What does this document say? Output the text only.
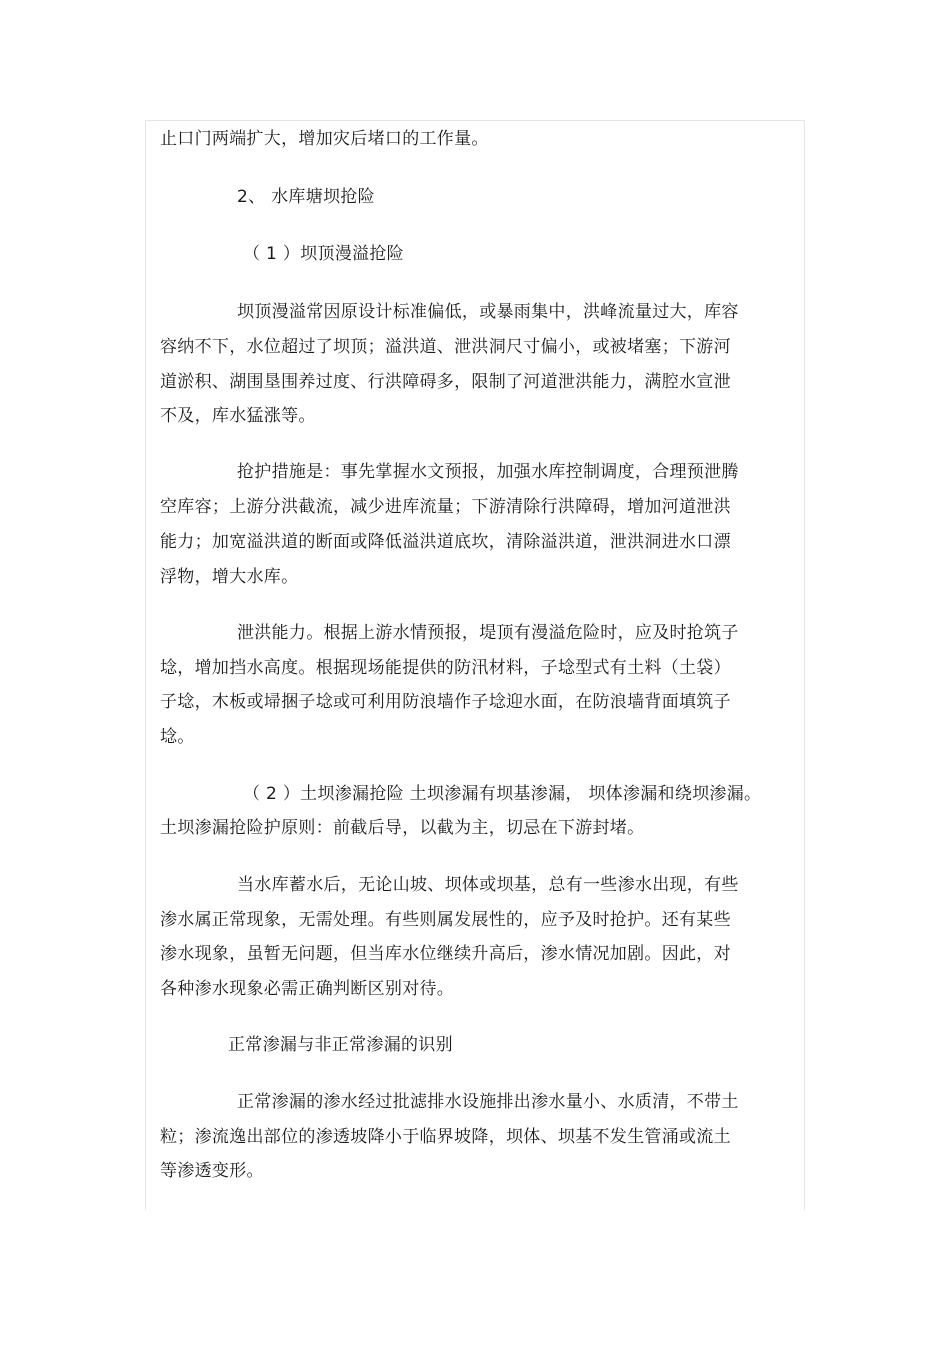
止口门两端扩大，增加灾后堵口的工作量。
2、 水库塘坝抢险
（ 1 ）坝顶漫溢抢险
坝顶漫溢常因原设计标准偏低，或暴雨集中，洪峰流量过大，库容
容纳不下，水位超过了坝顶；溢洪道、泄洪洞尺寸偏小，或被堵塞；下游河
道淤积、湖围垦围养过度、行洪障碍多，限制了河道泄洪能力，满腔水宣泄
不及，库水猛涨等。
抢护措施是：事先掌握水文预报，加强水库控制调度，合理预泄腾
空库容；上游分洪截流，减少进库流量；下游清除行洪障碍，增加河道泄洪
能力；加宽溢洪道的断面或降低溢洪道底坎，清除溢洪道，泄洪洞进水口漂
浮物，增大水库。
泄洪能力。根据上游水情预报，堤顶有漫溢危险时，应及时抢筑子
埝，增加挡水高度。根据现场能提供的防汛材料，子埝型式有土料（土袋）
子埝，木板或埽捆子埝或可利用防浪墙作子埝迎水面，在防浪墙背面填筑子
埝。
（ 2 ）土坝渗漏抢险 土坝渗漏有坝基渗漏， 坝体渗漏和绕坝渗漏。
土坝渗漏抢险护原则：前截后导，以截为主，切忌在下游封堵。
当水库蓄水后，无论山坡、坝体或坝基，总有一些渗水出现，有些
渗水属正常现象，无需处理。有些则属发展性的，应予及时抢护。还有某些
渗水现象，虽暂无问题，但当库水位继续升高后，渗水情况加剧。因此，对
各种渗水现象必需正确判断区别对待。
正常渗漏与非正常渗漏的识别
正常渗漏的渗水经过批滤排水设施排出渗水量小、水质清，不带土
粒；渗流逸出部位的渗透坡降小于临界坡降，坝体、坝基不发生管涌或流土
等渗透变形。
